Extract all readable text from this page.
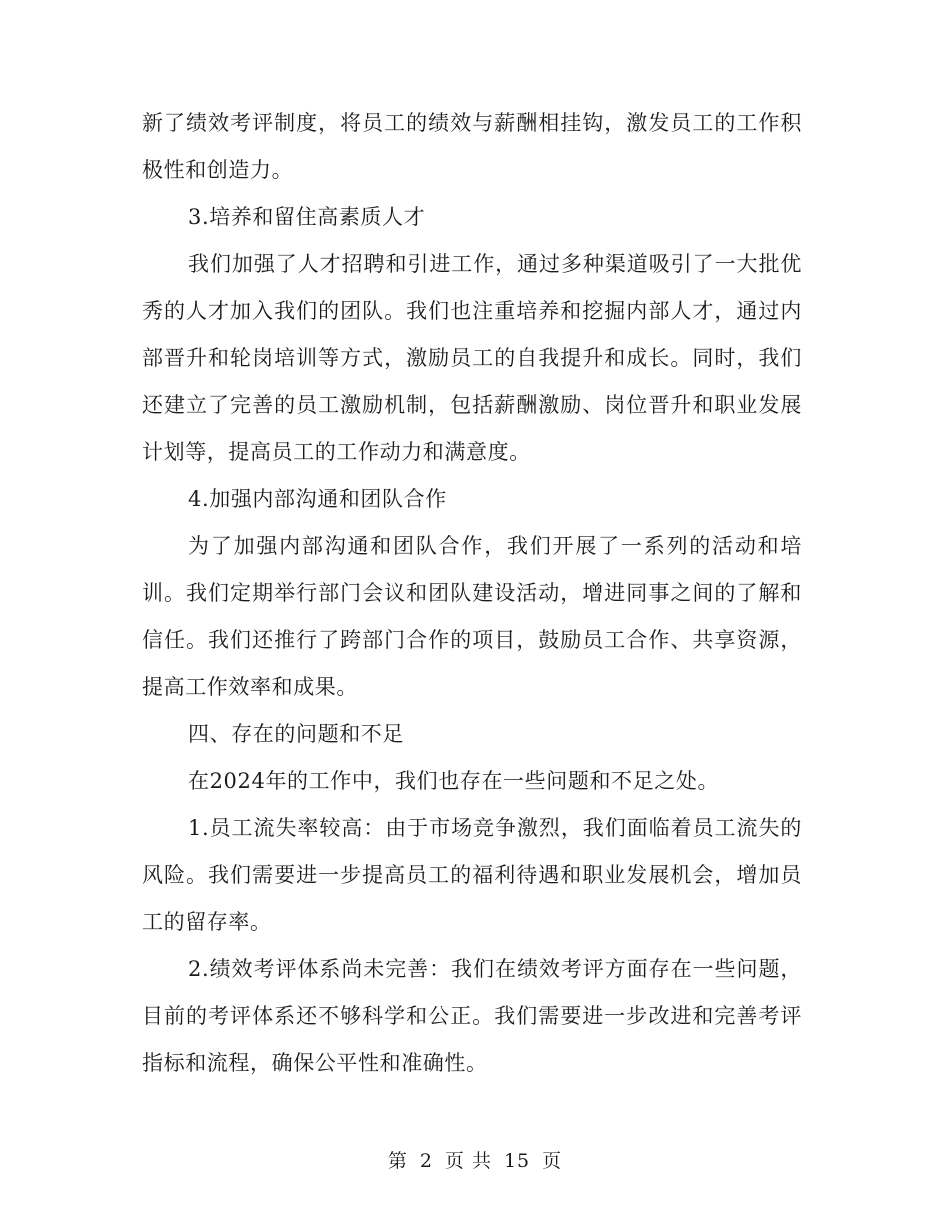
新了绩效考评制度，将员工的绩效与薪酬相挂钩，激发员工的工作积极性和创造力。

3.培养和留住高素质人才

我们加强了人才招聘和引进工作，通过多种渠道吸引了一大批优秀的人才加入我们的团队。我们也注重培养和挖掘内部人才，通过内部晋升和轮岗培训等方式，激励员工的自我提升和成长。同时，我们还建立了完善的员工激励机制，包括薪酬激励、岗位晋升和职业发展计划等，提高员工的工作动力和满意度。

4.加强内部沟通和团队合作

为了加强内部沟通和团队合作，我们开展了一系列的活动和培训。我们定期举行部门会议和团队建设活动，增进同事之间的了解和信任。我们还推行了跨部门合作的项目，鼓励员工合作、共享资源，提高工作效率和成果。

四、存在的问题和不足

在2024年的工作中，我们也存在一些问题和不足之处。

1.员工流失率较高：由于市场竞争激烈，我们面临着员工流失的风险。我们需要进一步提高员工的福利待遇和职业发展机会，增加员工的留存率。

2.绩效考评体系尚未完善：我们在绩效考评方面存在一些问题，目前的考评体系还不够科学和公正。我们需要进一步改进和完善考评指标和流程，确保公平性和准确性。

第 2 页 共 15 页
